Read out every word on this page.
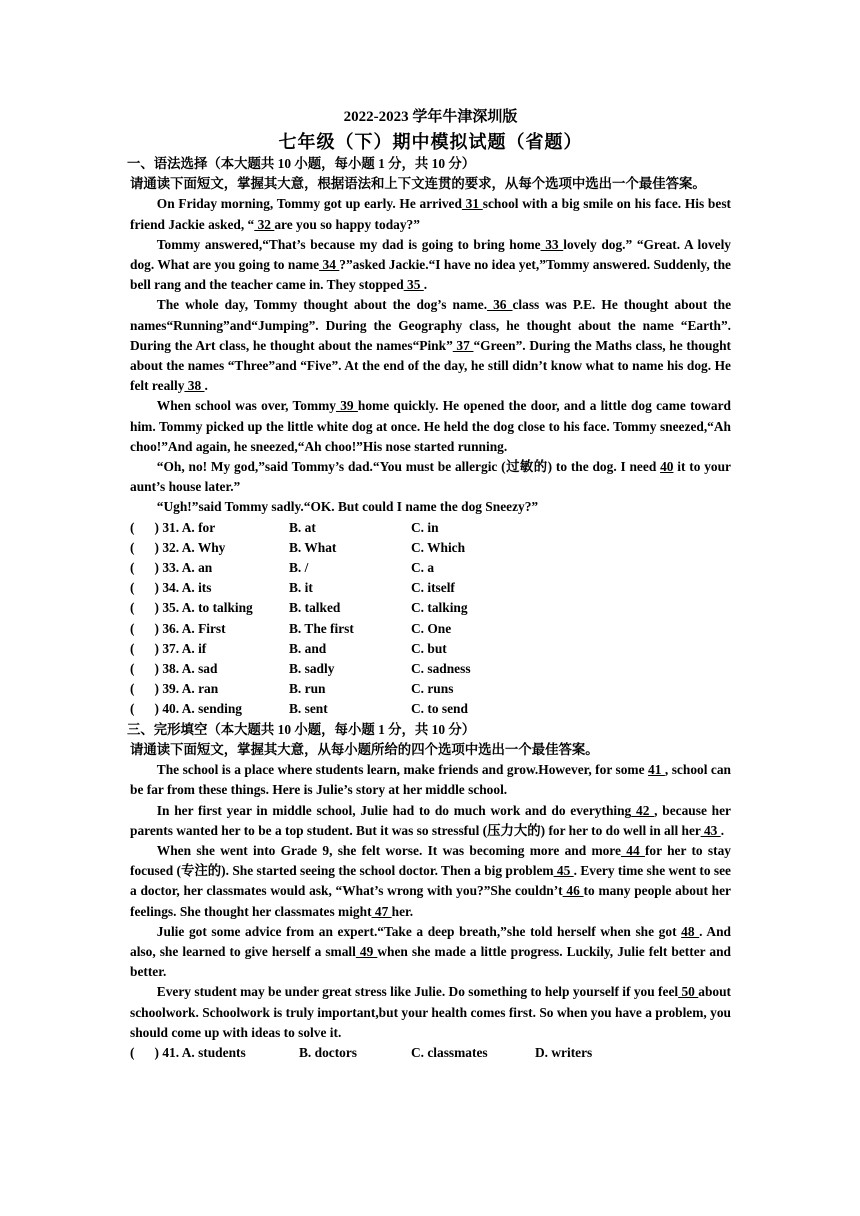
2022-2023 学年牛津深圳版
七年级（下）期中模拟试题（省题）
一、语法选择（本大题共 10 小题，每小题 1 分，共 10 分）
请通读下面短文，掌握其大意，根据语法和上下文连贯的要求，从每个选项中选出一个最佳答案。
On Friday morning, Tommy got up early. He arrived 31 school with a big smile on his face. His best friend Jackie asked, “ 32 are you so happy today?”
Tommy answered,“That’s because my dad is going to bring home 33 lovely dog.” “Great. A lovely dog. What are you going to name 34 ?”asked Jackie.“I have no idea yet,”Tommy answered. Suddenly, the bell rang and the teacher came in. They stopped 35 .
The whole day, Tommy thought about the dog’s name. 36 class was P.E. He thought about the names“Running”and“Jumping”. During the Geography class, he thought about the name “Earth”. During the Art class, he thought about the names“Pink” 37 “Green”. During the Maths class, he thought about the names “Three”and “Five”. At the end of the day, he still didn’t know what to name his dog. He felt really 38 .
When school was over, Tommy 39 home quickly. He opened the door, and a little dog came toward him. Tommy picked up the little white dog at once. He held the dog close to his face. Tommy sneezed,“Ah choo!”And again, he sneezed,“Ah choo!”His nose started running.
“Oh, no! My god,”said Tommy’s dad.“You must be allergic (过敏的) to the dog. I need 40 it to your aunt’s house later.”
“Ugh!”said Tommy sadly.“OK. But could I name the dog Sneezy?”
(      ) 31. A. for	B. at	C. in
(      ) 32. A. Why	B. What	C. Which
(      ) 33. A. an	B. /	C. a
(      ) 34. A. its	B. it	C. itself
(      ) 35. A. to talking	B. talked	C. talking
(      ) 36. A. First	B. The first	C. One
(      ) 37. A. if	B. and	C. but
(      ) 38. A. sad	B. sadly	C. sadness
(      ) 39. A. ran	B. run	C. runs
(      ) 40. A. sending	B. sent	C. to send
三、完形填空（本大题共 10 小题，每小题 1 分，共 10 分）
请通读下面短文，掌握其大意，从每小题所给的四个选项中选出一个最佳答案。
The school is a place where students learn, make friends and grow.However, for some 41 , school can be far from these things. Here is Julie’s story at her middle school.
In her first year in middle school, Julie had to do much work and do everything 42 , because her parents wanted her to be a top student. But it was so stressful (压力大的) for her to do well in all her 43 .
When she went into Grade 9, she felt worse. It was becoming more and more 44 for her to stay focused (专注的). She started seeing the school doctor. Then a big problem 45 . Every time she went to see a doctor, her classmates would ask, “What’s wrong with you?”She couldn’t 46 to many people about her feelings. She thought her classmates might 47 her.
Julie got some advice from an expert.“Take a deep breath,”she told herself when she got 48 . And also, she learned to give herself a small 49 when she made a little progress. Luckily, Julie felt better and better.
Every student may be under great stress like Julie. Do something to help yourself if you feel 50 about schoolwork. Schoolwork is truly important,but your health comes first. So when you have a problem, you should come up with ideas to solve it.
(      ) 41. A. students	B. doctors	C. classmates	D. writers
